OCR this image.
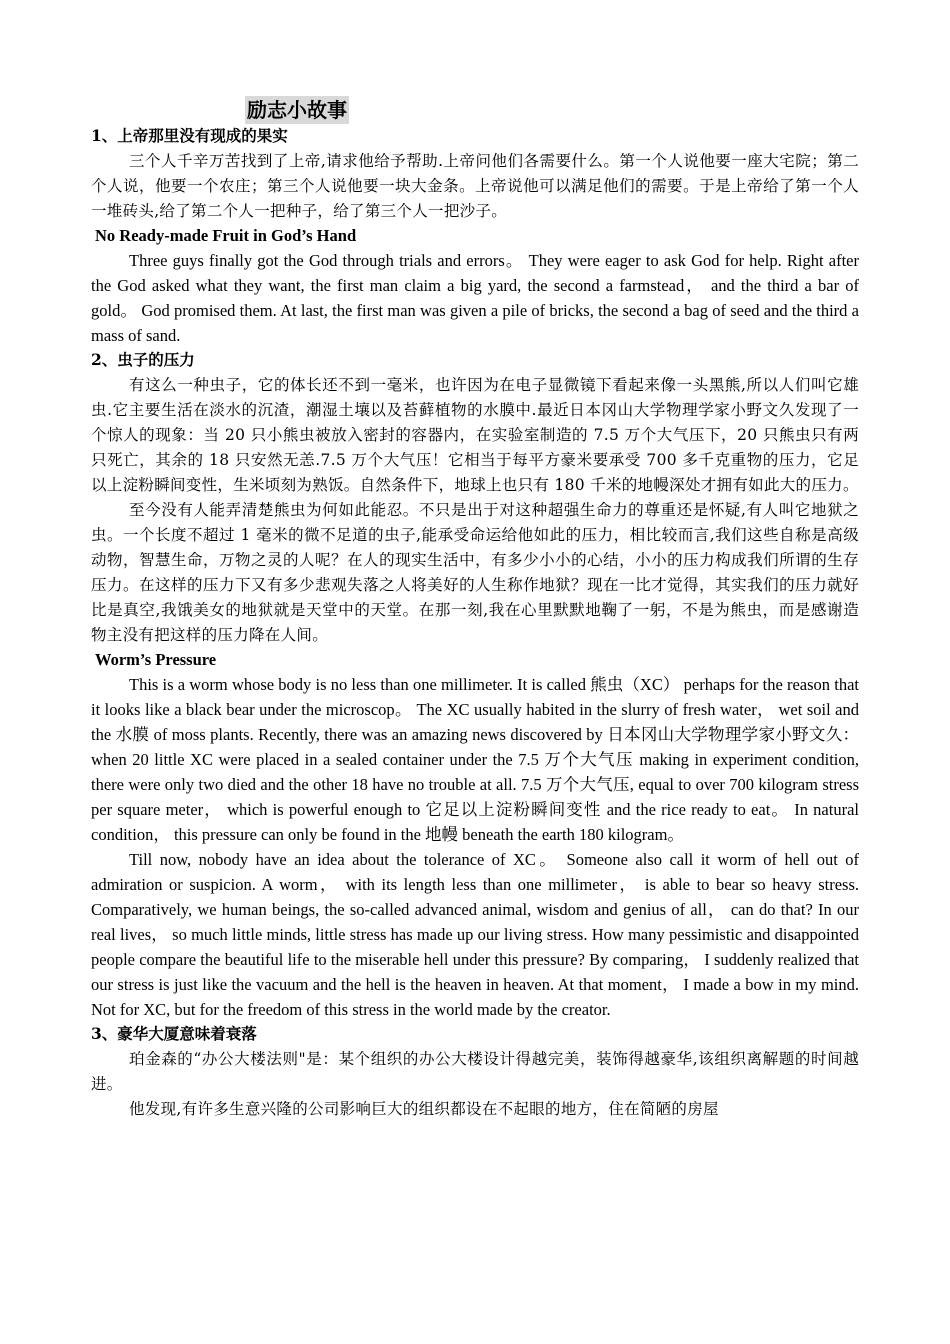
励志小故事
1、上帝那里没有现成的果实

三个人千辛万苦找到了上帝,请求他给予帮助.上帝问他们各需要什么。第一个人说他要一座大宅院；第二个人说，他要一个农庄；第三个人说他要一块大金条。上帝说他可以满足他们的需要。于是上帝给了第一个人一堆砖头,给了第二个人一把种子，给了第三个人一把沙子。

No Ready-made Fruit in God’s Hand

Three guys finally got the God through trials and errors。 They were eager to ask God for help. Right after the God asked what they want, the first man claim a big yard, the second a farmstead， and the third a bar of gold。 God promised them. At last, the first man was given a pile of bricks, the second a bag of seed and the third a mass of sand.

2、虫子的压力

有这么一种虫子，它的体长还不到一毫米，也许因为在电子显微镜下看起来像一头黑熊,所以人们叫它雄虫.它主要生活在淡水的沉渣，潮湿土壤以及苔藓植物的水膜中.最近日本冈山大学物理学家小野文久发现了一个惊人的现象：当 20 只小熊虫被放入密封的容器内，在实验室制造的 7.5 万个大气压下，20 只熊虫只有两只死亡，其余的 18 只安然无恙.7.5 万个大气压！它相当于每平方豪米要承受 700 多千克重物的压力，它足以上淀粉瞬间变性，生米顷刻为熟饭。自然条件下，地球上也只有 180 千米的地幔深处才拥有如此大的压力。

至今没有人能弄清楚熊虫为何如此能忍。不只是出于对这种超强生命力的尊重还是怀疑,有人叫它地狱之虫。一个长度不超过 1 毫米的微不足道的虫子,能承受命运给他如此的压力，相比较而言,我们这些自称是高级动物，智慧生命，万物之灵的人呢？在人的现实生活中，有多少小小的心结，小小的压力构成我们所谓的生存压力。在这样的压力下又有多少悲观失落之人将美好的人生称作地狱？现在一比才觉得，其实我们的压力就好比是真空,我饿美女的地狱就是天堂中的天堂。在那一刻,我在心里默默地鞠了一躬，不是为熊虫，而是感谢造物主没有把这样的压力降在人间。

Worm’s Pressure

This is a worm whose body is no less than one millimeter. It is called 熊虫（XC） perhaps for the reason that it looks like a black bear under the microscop。 The XC usually habited in the slurry of fresh water， wet soil and the 水膜 of moss plants. Recently, there was an amazing news discovered by 日本冈山大学物理学家小野文久： when 20 little XC were placed in a sealed container under the 7.5 万个大气压 making in experiment condition, there were only two died and the other 18 have no trouble at all. 7.5 万个大气压, equal to over 700 kilogram stress per square meter， which is powerful enough to 它足以上淀粉瞬间变性 and the rice ready to eat。 In natural condition， this pressure can only be found in the 地幔 beneath the earth 180 kilogram。

Till now, nobody have an idea about the tolerance of XC。 Someone also call it worm of hell out of admiration or suspicion. A worm， with its length less than one millimeter， is able to bear so heavy stress. Comparatively, we human beings, the so-called advanced animal, wisdom and genius of all， can do that? In our real lives， so much little minds, little stress has made up our living stress. How many pessimistic and disappointed people compare the beautiful life to the miserable hell under this pressure? By comparing， I suddenly realized that our stress is just like the vacuum and the hell is the heaven in heaven. At that moment， I made a bow in my mind. Not for XC, but for the freedom of this stress in the world made by the creator.

3、豪华大厦意味着衰落

珀金森的“办公大楼法则"是：某个组织的办公大楼设计得越完美，装饰得越豪华,该组织离解题的时间越进。

他发现,有许多生意兴隆的公司影响巨大的组织都设在不起眼的地方，住在简陋的房屋
